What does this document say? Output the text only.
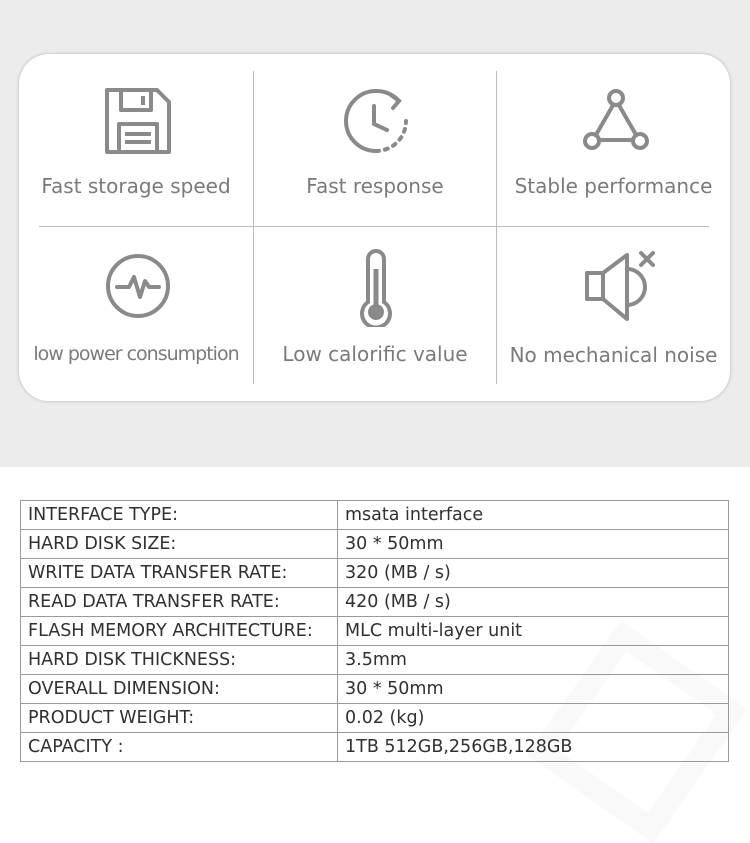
Fast storage speed	Fast response	Stable performance
low power consumption	Low calorific value	No mechanical noise
INTERFACE TYPE:	msata interface
HARD DISK SIZE:	30 * 50mm
WRITE DATA TRANSFER RATE:	320 (MB / s)
READ DATA TRANSFER RATE:	420 (MB / s)
FLASH MEMORY ARCHITECTURE:	MLC multi-layer unit
HARD DISK THICKNESS:	3.5mm
OVERALL DIMENSION:	30 * 50mm
PRODUCT WEIGHT:	0.02 (kg)
CAPACITY :	1TB 512GB,256GB,128GB
